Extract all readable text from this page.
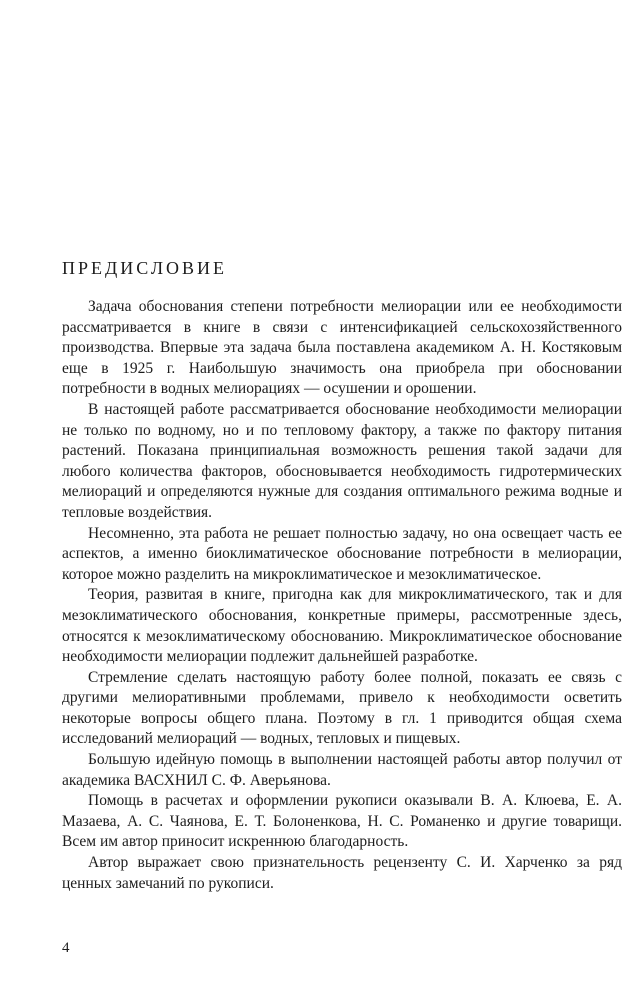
ПРЕДИСЛОВИЕ

Задача обоснования степени потребности мелиорации или ее необходимости рассматривается в книге в связи с интенсификацией сельскохозяйственного производства. Впервые эта задача была поставлена академиком А. Н. Костяковым еще в 1925 г. Наибольшую значимость она приобрела при обосновании потребности в водных мелиорациях — осушении и орошении.

В настоящей работе рассматривается обоснование необходимости мелиорации не только по водному, но и по тепловому фактору, а также по фактору питания растений. Показана принципиальная возможность решения такой задачи для любого количества факторов, обосновывается необходимость гидротермических мелиораций и определяются нужные для создания оптимального режима водные и тепловые воздействия.

Несомненно, эта работа не решает полностью задачу, но она освещает часть ее аспектов, а именно биоклиматическое обоснование потребности в мелиорации, которое можно разделить на микроклиматическое и мезоклиматическое.

Теория, развитая в книге, пригодна как для микроклиматического, так и для мезоклиматического обоснования, конкретные примеры, рассмотренные здесь, относятся к мезоклиматическому обоснованию. Микроклиматическое обоснование необходимости мелиорации подлежит дальнейшей разработке.

Стремление сделать настоящую работу более полной, показать ее связь с другими мелиоративными проблемами, привело к необходимости осветить некоторые вопросы общего плана. Поэтому в гл. 1 приводится общая схема исследований мелиораций — водных, тепловых и пищевых.

Большую идейную помощь в выполнении настоящей работы автор получил от академика ВАСХНИЛ С. Ф. Аверьянова.

Помощь в расчетах и оформлении рукописи оказывали В. А. Клюева, Е. А. Мазаева, А. С. Чаянова, Е. Т. Болоненкова, Н. С. Романенко и другие товарищи. Всем им автор приносит искреннюю благодарность.

Автор выражает свою признательность рецензенту С. И. Харченко за ряд ценных замечаний по рукописи.

4
